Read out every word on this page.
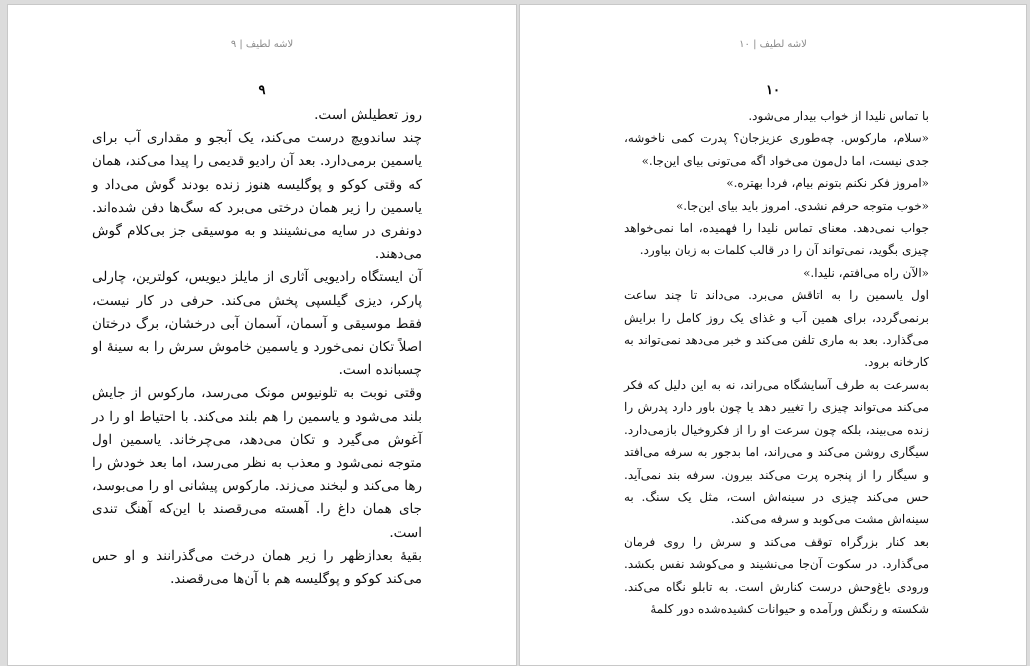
لاشه لطیف | ۹
۹

روز تعطیلش است.

چند ساندویچ درست می‌کند، یک آبجو و مقداری آب برای یاسمین برمی‌دارد. بعد آن رادیو قدیمی را پیدا می‌کند، همان که وقتی کوکو و پوگلیسه هنوز زنده بودند گوش می‌داد و یاسمین را زیر همان درختی می‌برد که سگ‌ها دفن شده‌اند. دونفری در سایه می‌نشینند و به موسیقی جز بی‌کلام گوش می‌دهند.

آن ایستگاه رادیویی آثاری از مایلز دیویس، کولترین، چارلی پارکر، دیزی گیلسپی پخش می‌کند. حرفی در کار نیست، فقط موسیقی و آسمان، آسمان آبی درخشان، برگ درختان اصلاً تکان نمی‌خورد و یاسمین خاموش سرش را به سینهٔ او چسبانده است.

وقتی نوبت به تلونیوس مونک می‌رسد، مارکوس از جایش بلند می‌شود و یاسمین را هم بلند می‌کند. با احتیاط او را در آغوش می‌گیرد و تکان می‌دهد، می‌چرخاند. یاسمین اول متوجه نمی‌شود و معذب به نظر می‌رسد، اما بعد خودش را رها می‌کند و لبخند می‌زند. مارکوس پیشانی او را می‌بوسد، جای همان داغ را. آهسته می‌رقصند با این‌که آهنگ تندی است.

بقیهٔ بعدازظهر را زیر همان درخت می‌گذرانند و او حس می‌کند کوکو و پوگلیسه هم با آن‌ها می‌رقصند.

لاشه لطیف | ۱۰
۱۰

با تماس نلیدا از خواب بیدار می‌شود.

«سلام، مارکوس. چه‌طوری عزیزجان؟ پدرت کمی ناخوشه، جدی نیست، اما دل‌مون می‌خواد اگه می‌تونی بیای این‌جا.»

«امروز فکر نکنم بتونم بیام، فردا بهتره.»

«خوب متوجه حرفم نشدی. امروز باید بیای این‌جا.»

جواب نمی‌دهد. معنای تماس نلیدا را فهمیده، اما نمی‌خواهد چیزی بگوید، نمی‌تواند آن را در قالب کلمات به زبان بیاورد.

«الآن راه می‌افتم، نلیدا.»

اول یاسمین را به اتاقش می‌برد. می‌داند تا چند ساعت برنمی‌گردد، برای همین آب و غذای یک روز کامل را برایش می‌گذارد. بعد به ماری تلفن می‌کند و خبر می‌دهد نمی‌تواند به کارخانه برود.

به‌سرعت به طرف آسایشگاه می‌راند، نه به این دلیل که فکر می‌کند می‌تواند چیزی را تغییر دهد یا چون باور دارد پدرش را زنده می‌بیند، بلکه چون سرعت او را از فکروخیال بازمی‌دارد. سیگاری روشن می‌کند و می‌راند، اما بدجور به سرفه می‌افتد و سیگار را از پنجره پرت می‌کند بیرون. سرفه بند نمی‌آید. حس می‌کند چیزی در سینه‌اش است، مثل یک سنگ. به سینه‌اش مشت می‌کوبد و سرفه می‌کند.

بعد کنار بزرگراه توقف می‌کند و سرش را روی فرمان می‌گذارد. در سکوت آن‌جا می‌نشیند و می‌کوشد نفس بکشد. ورودی باغ‌وحش درست کنارش است. به تابلو نگاه می‌کند. شکسته و رنگش ورآمده و حیوانات کشیده‌شده دور کلمهٔ
